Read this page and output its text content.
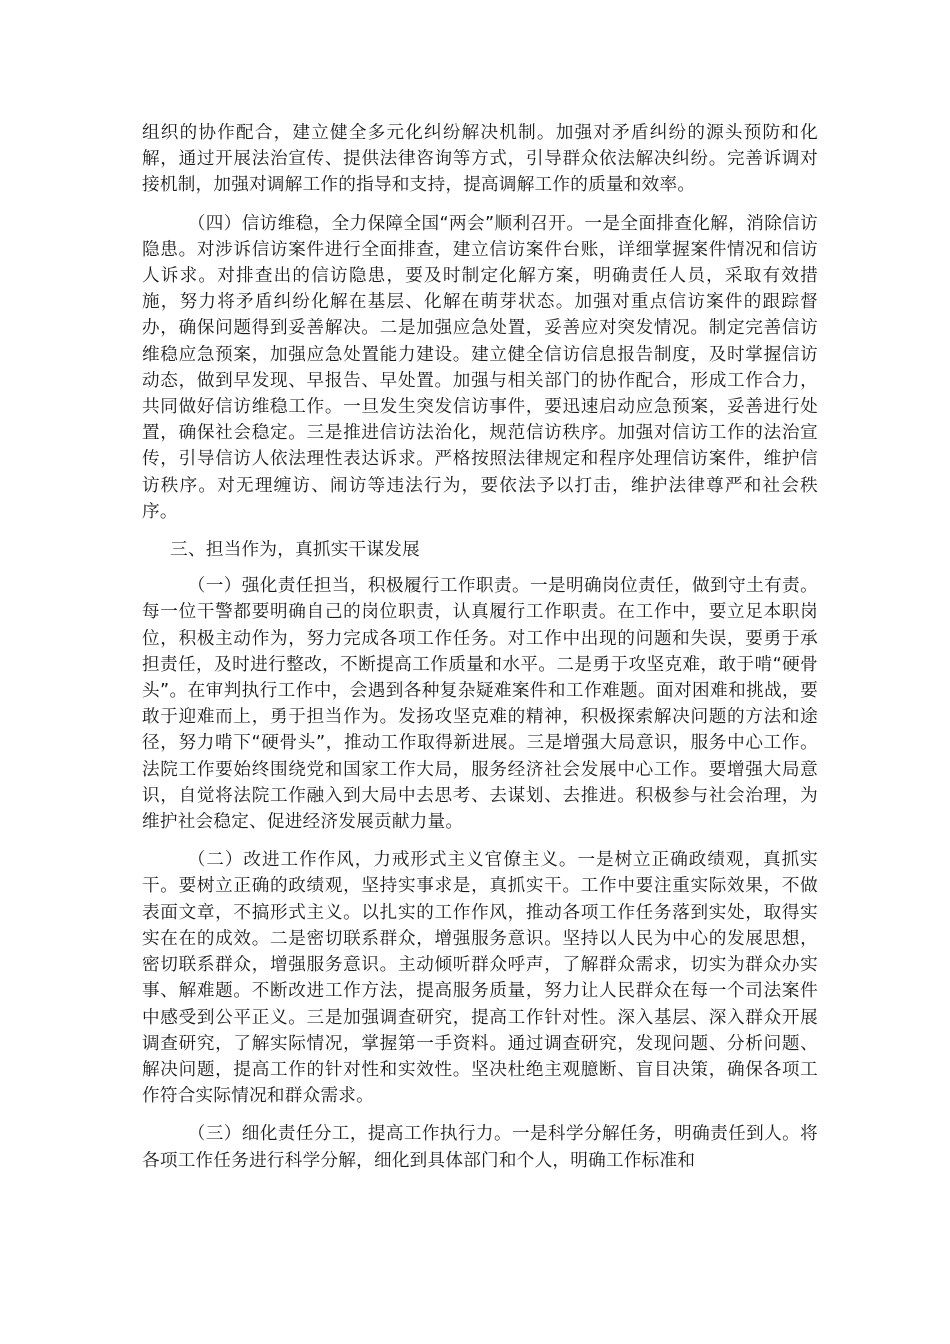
组织的协作配合，建立健全多元化纠纷解决机制。加强对矛盾纠纷的源头预防和化解，通过开展法治宣传、提供法律咨询等方式，引导群众依法解决纠纷。完善诉调对接机制，加强对调解工作的指导和支持，提高调解工作的质量和效率。

（四）信访维稳，全力保障全国“两会”顺利召开。一是全面排查化解，消除信访隐患。对涉诉信访案件进行全面排查，建立信访案件台账，详细掌握案件情况和信访人诉求。对排查出的信访隐患，要及时制定化解方案，明确责任人员，采取有效措施，努力将矛盾纠纷化解在基层、化解在萌芽状态。加强对重点信访案件的跟踪督办，确保问题得到妥善解决。二是加强应急处置，妥善应对突发情况。制定完善信访维稳应急预案，加强应急处置能力建设。建立健全信访信息报告制度，及时掌握信访动态，做到早发现、早报告、早处置。加强与相关部门的协作配合，形成工作合力，共同做好信访维稳工作。一旦发生突发信访事件，要迅速启动应急预案，妥善进行处置，确保社会稳定。三是推进信访法治化，规范信访秩序。加强对信访工作的法治宣传，引导信访人依法理性表达诉求。严格按照法律规定和程序处理信访案件，维护信访秩序。对无理缠访、闹访等违法行为，要依法予以打击，维护法律尊严和社会秩序。

三、担当作为，真抓实干谋发展

（一）强化责任担当，积极履行工作职责。一是明确岗位责任，做到守土有责。每一位干警都要明确自己的岗位职责，认真履行工作职责。在工作中，要立足本职岗位，积极主动作为，努力完成各项工作任务。对工作中出现的问题和失误，要勇于承担责任，及时进行整改，不断提高工作质量和水平。二是勇于攻坚克难，敢于啃“硬骨头”。在审判执行工作中，会遇到各种复杂疑难案件和工作难题。面对困难和挑战，要敢于迎难而上，勇于担当作为。发扬攻坚克难的精神，积极探索解决问题的方法和途径，努力啃下“硬骨头”，推动工作取得新进展。三是增强大局意识，服务中心工作。法院工作要始终围绕党和国家工作大局，服务经济社会发展中心工作。要增强大局意识，自觉将法院工作融入到大局中去思考、去谋划、去推进。积极参与社会治理，为维护社会稳定、促进经济发展贡献力量。

（二）改进工作作风，力戒形式主义官僚主义。一是树立正确政绩观，真抓实干。要树立正确的政绩观，坚持实事求是，真抓实干。工作中要注重实际效果，不做表面文章，不搞形式主义。以扎实的工作作风，推动各项工作任务落到实处，取得实实在在的成效。二是密切联系群众，增强服务意识。坚持以人民为中心的发展思想，密切联系群众，增强服务意识。主动倾听群众呼声，了解群众需求，切实为群众办实事、解难题。不断改进工作方法，提高服务质量，努力让人民群众在每一个司法案件中感受到公平正义。三是加强调查研究，提高工作针对性。深入基层、深入群众开展调查研究，了解实际情况，掌握第一手资料。通过调查研究，发现问题、分析问题、解决问题，提高工作的针对性和实效性。坚决杜绝主观臆断、盲目决策，确保各项工作符合实际情况和群众需求。

（三）细化责任分工，提高工作执行力。一是科学分解任务，明确责任到人。将各项工作任务进行科学分解，细化到具体部门和个人，明确工作标准和
